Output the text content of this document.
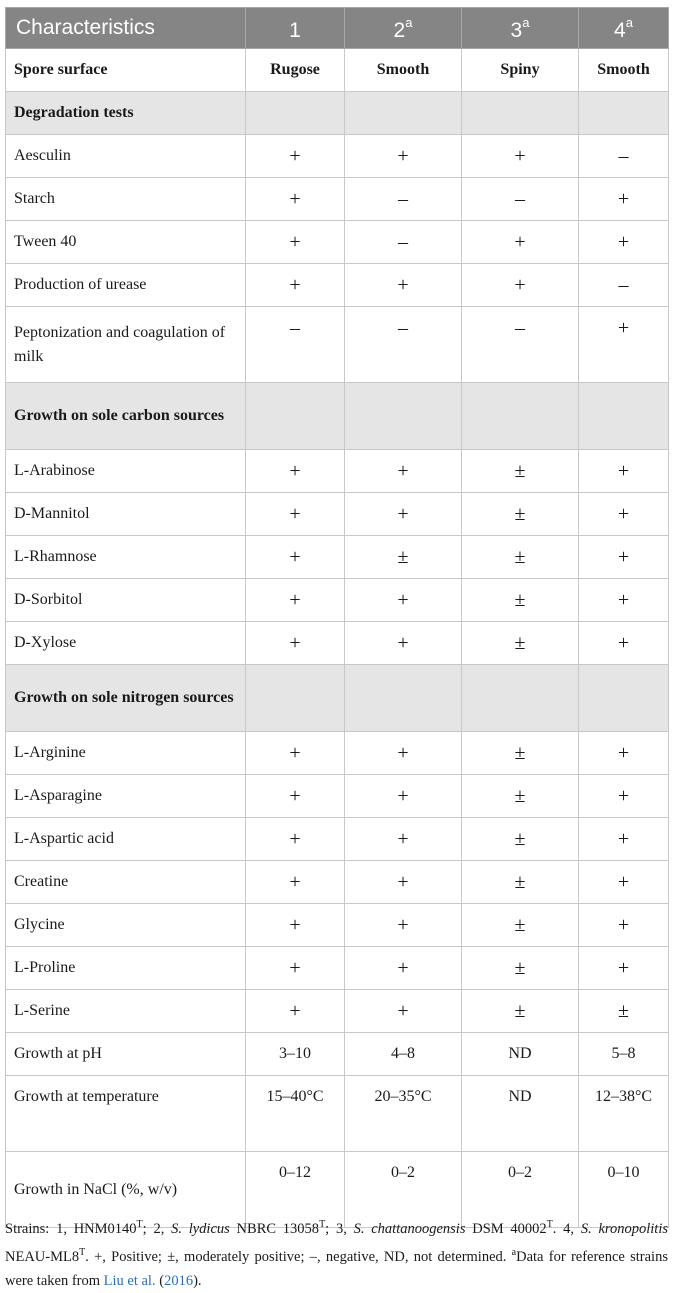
Characteristics	1	2$^a$	3$^a$	4$^a$
Spore surface	Rugose	Smooth	Spiny	Smooth
Degradation tests				
Aesculin	+	+	+	–
Starch	+	–	–	+
Tween 40	+	–	+	+
Production of urease	+	+	+	–
Peptonization and coagulation of milk	–	–	–	+
Growth on sole carbon sources				
L-Arabinose	+	+	±	+
D-Mannitol	+	+	±	+
L-Rhamnose	+	±	±	+
D-Sorbitol	+	+	±	+
D-Xylose	+	+	±	+
Growth on sole nitrogen sources				
L-Arginine	+	+	±	+
L-Asparagine	+	+	±	+
L-Aspartic acid	+	+	±	+
Creatine	+	+	±	+
Glycine	+	+	±	+
L-Proline	+	+	±	+
L-Serine	+	+	±	±
Growth at pH	3–10	4–8	ND	5–8
Growth at temperature	15–40°C	20–35°C	ND	12–38°C
Growth in NaCl (%, w/v)	0–12	0–2	0–2	0–10
Strains: 1, $HNM0140^T$; 2, S. lydicus NBRC $13058^T$; 3, S. chattanoogensis DSM $40002^T$. 4, S. kronopolitis NEAU-$ML8^T$. +, Positive; ±, moderately positive; –, negative, ND, not determined. $^a$Data for reference strains were taken from Liu et al. (2016).
